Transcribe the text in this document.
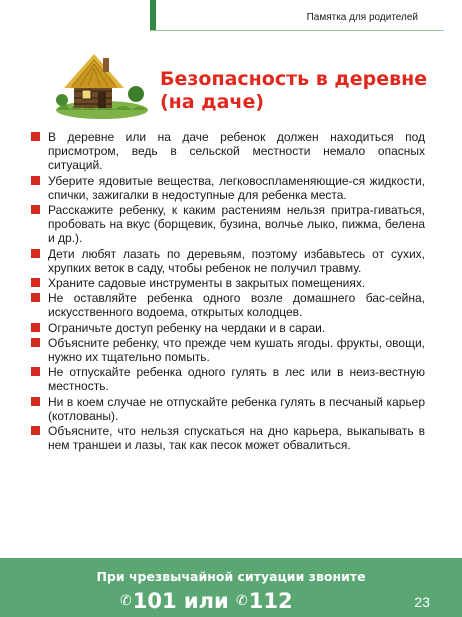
Памятка для родителей
Безопасность в деревне
(на даче)
В деревне или на даче ребенок должен находиться под присмотром, ведь в сельской местности немало опасных ситуаций.
Уберите ядовитые вещества, легковоспламеняющие-ся жидкости, спички, зажигалки в недоступные для ребенка места.
Расскажите ребенку, к каким растениям нельзя притра-гиваться, пробовать на вкус (борщевик, бузина, волчье лыко, пижма, белена и др.).
Дети любят лазать по деревьям, поэтому избавьтесь от сухих, хрупких веток в саду, чтобы ребенок не получил травму.
Храните садовые инструменты в закрытых помещениях.
Не оставляйте ребенка одного возле домашнего бас-сейна, искусственного водоема, открытых колодцев.
Ограничьте доступ ребенку на чердаки и в сараи.
Объясните ребенку, что прежде чем кушать ягоды. фрукты, овощи, нужно их тщательно помыть.
Не отпускайте ребенка одного гулять в лес или в неиз-вестную местность.
Ни в коем случае не отпускайте ребенка гулять в песчаный карьер (котлованы).
Объясните, что нельзя спускаться на дно карьера, выкапывать в нем траншеи и лазы, так как песок может обвалиться.
При чрезвычайной ситуации звоните
✆101 или ✆112	23
